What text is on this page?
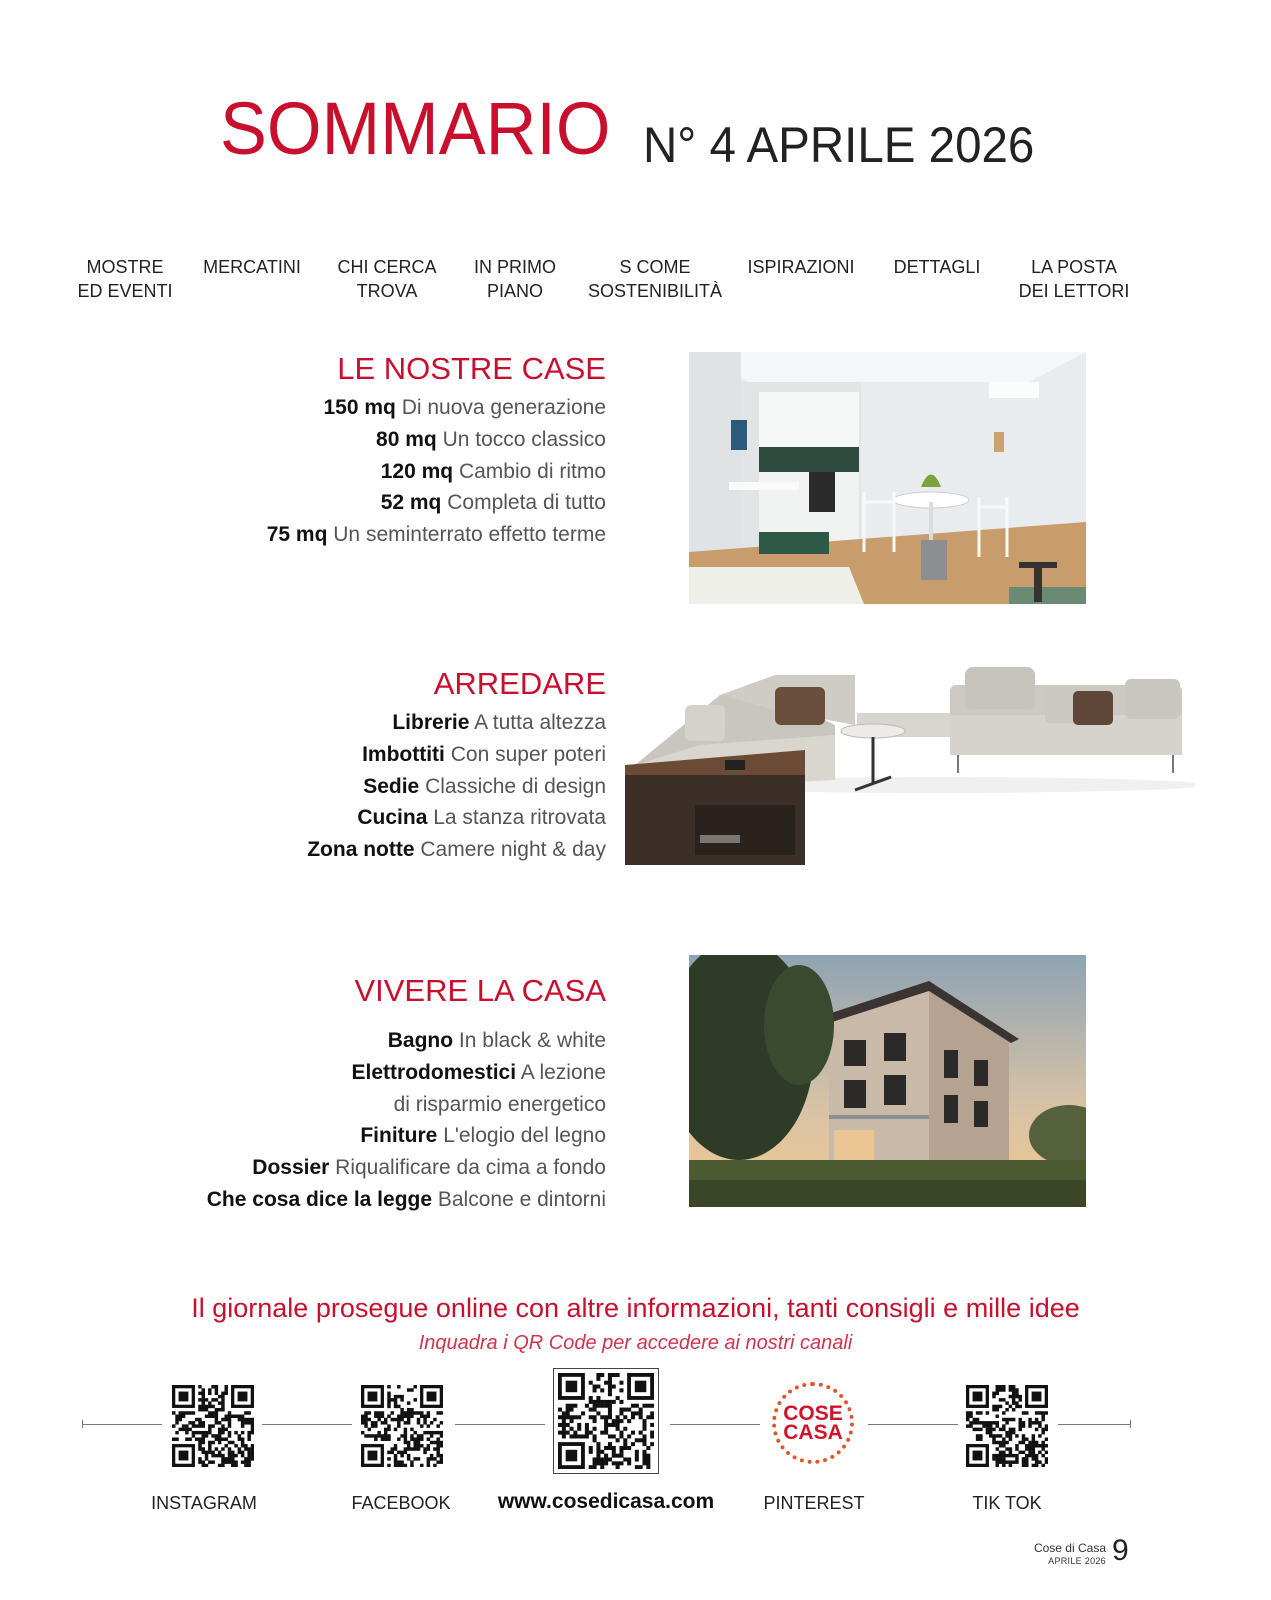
SOMMARIO N° 4 APRILE 2026
MOSTRE
ED EVENTI
MERCATINI CHI CERCA
TROVA
IN PRIMO
PIANO
S COME
SOSTENIBILITÀ
ISPIRAZIONI DETTAGLI	LA POSTA
DEI LETTORI
LE NOSTRE CASE
150 mq Di nuova generazione
80 mq Un tocco classico
120 mq Cambio di ritmo
52 mq Completa di tutto
75 mq Un seminterrato effetto terme
ARREDARE
Librerie A tutta altezza
Imbottiti Con super poteri
Sedie Classiche di design
Cucina La stanza ritrovata
Zona notte Camere night & day
VIVERE LA CASA
Bagno In black & white
Elettrodomestici A lezione
di risparmio energetico
Finiture L'elogio del legno
Dossier Riqualificare da cima a fondo
Che cosa dice la legge Balcone e dintorni
Il giornale prosegue online con altre informazioni, tanti consigli e mille idee
Inquadra i QR Code per accedere ai nostri canali
COSE
CASA
INSTAGRAM	FACEBOOK www.cosedicasa.com	PINTEREST	TIK TOK
Cose di Casa
APRILE 2026 9
